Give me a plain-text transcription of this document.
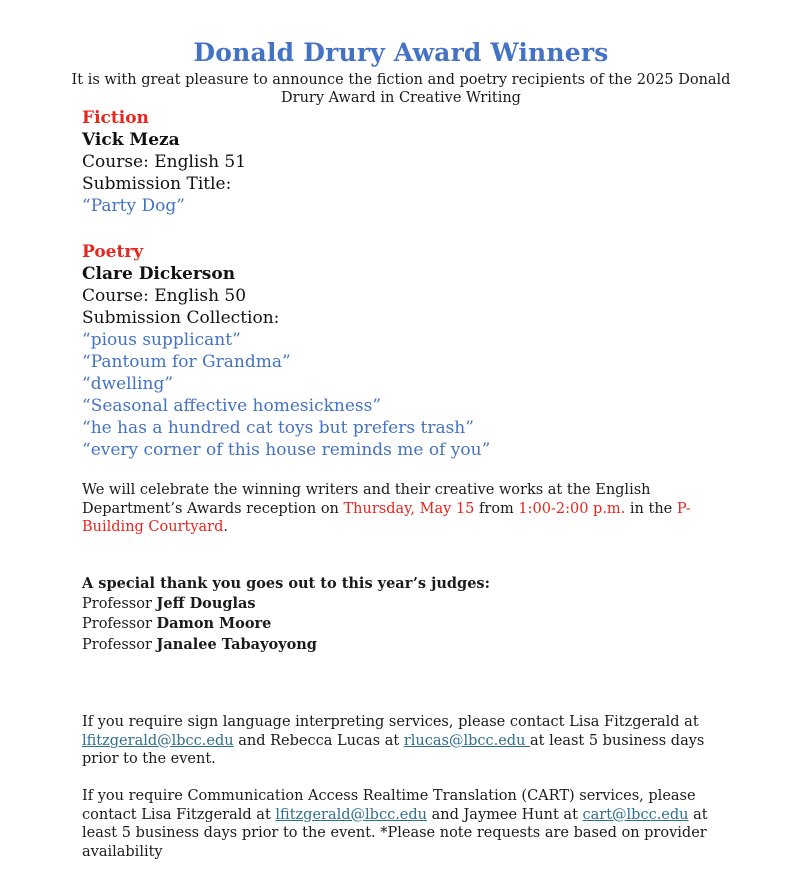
Donald Drury Award Winners
It is with great pleasure to announce the fiction and poetry recipients of the 2025 Donald Drury Award in Creative Writing
Fiction
Vick Meza
Course: English 51
Submission Title:
“Party Dog”
Poetry
Clare Dickerson
Course: English 50
Submission Collection:
“pious supplicant”
“Pantoum for Grandma”
“dwelling”
“Seasonal affective homesickness”
“he has a hundred cat toys but prefers trash”
“every corner of this house reminds me of you”
We will celebrate the winning writers and their creative works at the English Department’s Awards reception on Thursday, May 15 from 1:00-2:00 p.m. in the P-Building Courtyard.
A special thank you goes out to this year’s judges:
Professor Jeff Douglas
Professor Damon Moore
Professor Janalee Tabayoyong
If you require sign language interpreting services, please contact Lisa Fitzgerald at lfitzgerald@lbcc.edu and Rebecca Lucas at rlucas@lbcc.edu at least 5 business days prior to the event.
If you require Communication Access Realtime Translation (CART) services, please contact Lisa Fitzgerald at lfitzgerald@lbcc.edu and Jaymee Hunt at cart@lbcc.edu at least 5 business days prior to the event. *Please note requests are based on provider availability
